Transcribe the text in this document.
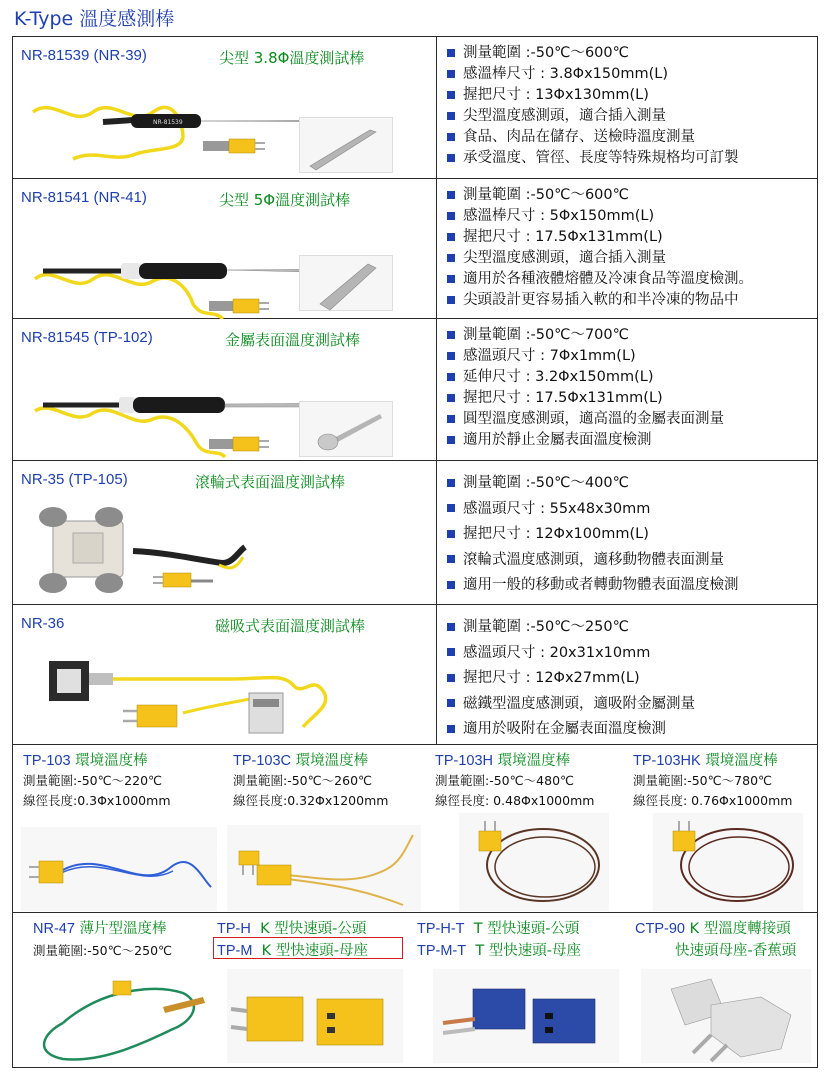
K-Type 溫度感測棒
NR-81539 (NR-39)	尖型 3.8Φ溫度測試棒
NR-81539
測量範圍 :-50℃〜600℃
感溫棒尺寸 : 3.8Φx150mm(L)
握把尺寸 : 13Φx130mm(L)
尖型溫度感測頭，適合插入測量
食品、肉品在儲存、送檢時溫度測量
承受溫度、管徑、長度等特殊規格均可訂製
NR-81541 (NR-41)	尖型 5Φ溫度測試棒	測量範圍 :-50℃〜600℃
感溫棒尺寸 : 5Φx150mm(L)
握把尺寸 : 17.5Φx131mm(L)
尖型溫度感測頭，適合插入測量
適用於各種液體熔體及冷凍食品等溫度檢測。
尖頭設計更容易插入軟的和半冷凍的物品中
NR-81545 (TP-102)	金屬表面溫度測試棒	測量範圍 :-50℃〜700℃
感溫頭尺寸 : 7Φx1mm(L)
延伸尺寸 : 3.2Φx150mm(L)
握把尺寸 : 17.5Φx131mm(L)
圓型溫度感測頭，適高溫的金屬表面測量
適用於靜止金屬表面溫度檢測
NR-35 (TP-105)	滾輪式表面溫度測試棒	測量範圍 :-50℃〜400℃
感溫頭尺寸 : 55x48x30mm
握把尺寸 : 12Φx100mm(L)
滾輪式溫度感測頭，適移動物體表面測量
適用一般的移動或者轉動物體表面溫度檢測
NR-36	磁吸式表面溫度測試棒	測量範圍 :-50℃〜250℃
感溫頭尺寸 : 20x31x10mm
握把尺寸 : 12Φx27mm(L)
磁鐵型溫度感測頭，適吸附金屬測量
適用於吸附在金屬表面溫度檢測
TP-103 環境溫度棒
測量範圍:-50℃〜220℃
線徑長度:0.3Φx1000mm
TP-103C 環境溫度棒
測量範圍:-50℃〜260℃
線徑長度:0.32Φx1200mm
TP-103H 環境溫度棒
測量範圍:-50℃〜480℃
線徑長度: 0.48Φx1000mm
TP-103HK 環境溫度棒
測量範圍:-50℃〜780℃
線徑長度: 0.76Φx1000mm
NR-47 薄片型溫度棒
測量範圍:-50℃〜250℃
TP-H K 型快速頭-公頭
TP-M K 型快速頭-母座
TP-H-T T 型快速頭-公頭
TP-M-T T 型快速頭-母座
CTP-90 K 型溫度轉接頭
快速頭母座-香蕉頭
